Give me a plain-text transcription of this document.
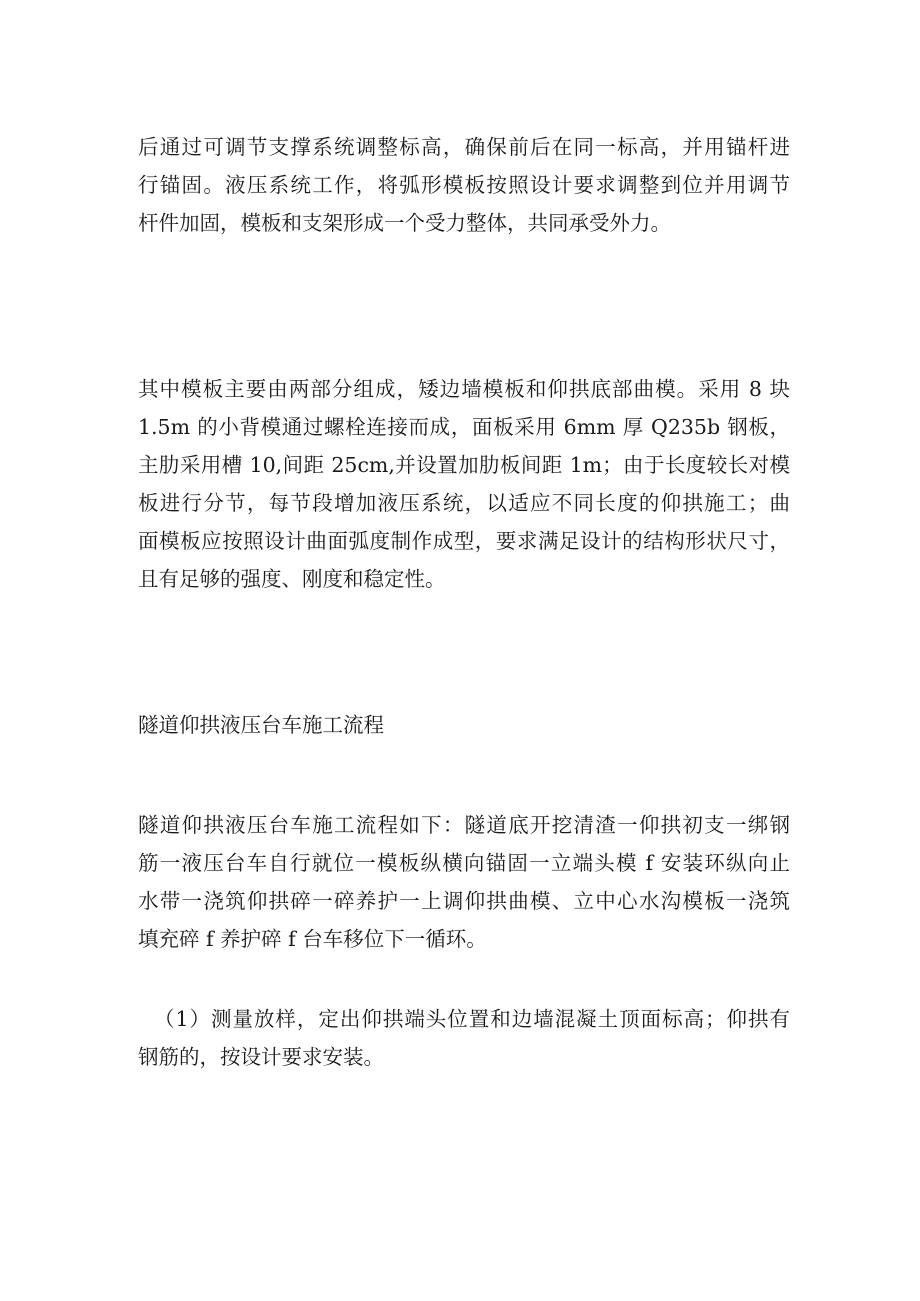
后通过可调节支撑系统调整标高，确保前后在同一标高，并用锚杆进
行锚固。液压系统工作，将弧形模板按照设计要求调整到位并用调节
杆件加固，模板和支架形成一个受力整体，共同承受外力。
其中模板主要由两部分组成，矮边墙模板和仰拱底部曲模。采用 8 块
1.5m 的小背模通过螺栓连接而成，面板采用 6mm 厚 Q235b 钢板，
主肋采用槽 10,间距 25cm,并设置加肋板间距 1m；由于长度较长对模
板进行分节，每节段增加液压系统，以适应不同长度的仰拱施工；曲
面模板应按照设计曲面弧度制作成型，要求满足设计的结构形状尺寸，
且有足够的强度、刚度和稳定性。
隧道仰拱液压台车施工流程
隧道仰拱液压台车施工流程如下：隧道底开挖清渣一仰拱初支一绑钢
筋一液压台车自行就位一模板纵横向锚固一立端头模 f 安装环纵向止
水带一浇筑仰拱碎一碎养护一上调仰拱曲模、立中心水沟模板一浇筑
填充碎 f 养护碎 f 台车移位下一循环。
（1）测量放样，定出仰拱端头位置和边墙混凝土顶面标高；仰拱有
钢筋的，按设计要求安装。
